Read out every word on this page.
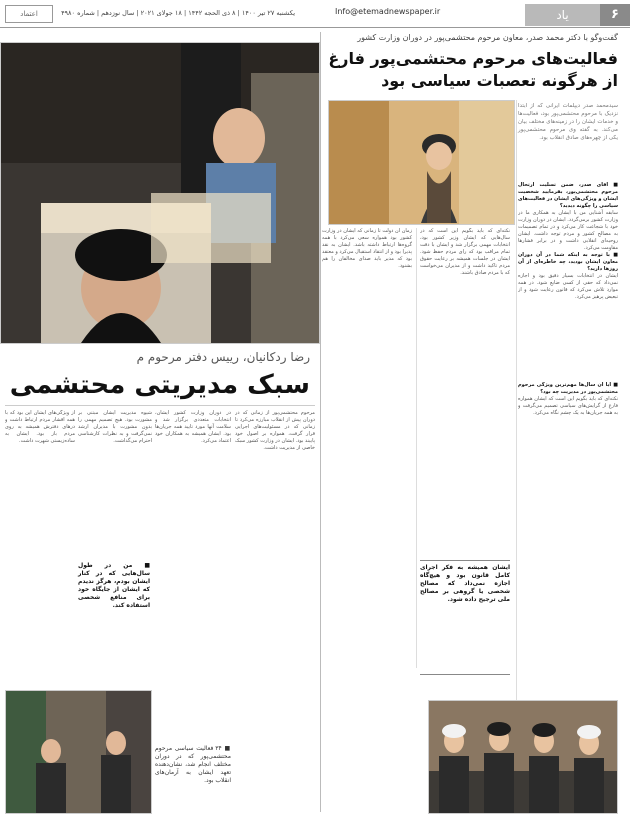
۶
یاد
Info@etemadnewspaper.ir
یکشنبه ۲۷ تیر ۱۴۰۰ | ۸ ذی الحجه ۱۴۴۲ | ۱۸ جولای ۲۰۲۱ | سال نوزدهم | شماره ۴۹۸۰
اعتماد
گفت‌وگو با دکتر محمد صدر، معاون مرحوم محتشمی‌پور در دوران وزارت کشور
فعالیت‌های مرحوم محتشمی‌پور فارغ از هرگونه تعصبات سیاسی بود
سیدمحمد صدر دیپلمات ایرانی که از ابتدا نزدیک با مرحوم محتشمی‌پور بود، فعالیت‌ها و خدمات ایشان را در زمینه‌های مختلف بیان می‌کند. به گفته وی مرحوم محتشمی‌پور یکی از چهره‌های صادق انقلاب بود.
■ آقای صدر، ضمن تسلیت ارتحال مرحوم محتشمی‌پور، بفرمایید شخصیت ایشان و ویژگی‌های ایشان در فعالیت‌های سیاسی را چگونه دیدید؟
سابقه آشنایی من با ایشان به همکاری ما در وزارت کشور برمی‌گردد. ایشان در دوران وزارت خود با شجاعت کار می‌کرد و در تمام تصمیمات به مصالح کشور و مردم توجه داشت. ایشان روحیه‌ای انقلابی داشت و در برابر فشارها مقاومت می‌کرد.
■ با توجه به اینکه شما در آن دوران معاون ایشان بودید، چه خاطره‌ای از آن روزها دارید؟
ایشان در انتخابات بسیار دقیق بود و اجازه نمی‌داد که حقی از کسی ضایع شود. در همه موارد تلاش می‌کرد که قانون رعایت شود و از تبعیض پرهیز می‌کرد.
■ آیا آن سال‌ها مهم‌ترین ویژگی مرحوم محتشمی‌پور در مدیریت چه بود؟
نکته‌ای که باید بگویم این است که ایشان همواره فارغ از گرایش‌های سیاسی تصمیم می‌گرفت و به همه جریان‌ها به یک چشم نگاه می‌کرد.
نکته‌ای که باید بگویم این است که در سال‌هایی که ایشان وزیر کشور بود، انتخابات مهمی برگزار شد و ایشان با دقت تمام مراقب بود که رای مردم حفظ شود. ایشان در جلسات همیشه بر رعایت حقوق مردم تاکید داشت و از مدیران می‌خواست که با مردم صادق باشند.
ایشان همیشه به فکر اجرای کامل قانون بود و هیچ‌گاه اجازه نمی‌داد که مصالح شخصی یا گروهی بر مصالح ملی ترجیح داده شود.
زمان آن دولت تا زمانی که ایشان در وزارت کشور بود همواره سعی می‌کرد با همه گروه‌ها ارتباط داشته باشد. ایشان به نقد پذیرا بود و از انتقاد استقبال می‌کرد و معتقد بود که مدیر باید صدای مخالفان را هم بشنود.
رضا ردکانیان، رییس دفتر مرحوم م
سبک مدیریتی محتشمی
مرحوم محتشمی‌پور از زمانی که در دوران پیش از انقلاب مبارزه می‌کرد تا زمانی که در مسئولیت‌های اجرایی قرار گرفت، همواره بر اصول خود پایبند بود. ایشان در وزارت کشور سبک خاصی از مدیریت داشت.
در دوران وزارت کشور ایشان، انتخابات متعددی برگزار شد و سلامت آنها مورد تایید همه جریان‌ها بود. ایشان همیشه به همکاران خود اعتماد می‌کرد.
شیوه مدیریت ایشان مبتنی بر مشورت بود. هیچ تصمیم مهمی را بدون مشورت با مدیران ارشد نمی‌گرفت و به نظرات کارشناسی احترام می‌گذاشت.
از ویژگی‌های ایشان این بود که با همه اقشار مردم ارتباط داشت و درهای دفترش همیشه به روی مردم باز بود. ایشان به ساده‌زیستی شهرت داشت.
■ من در طول سال‌هایی که در کنار ایشان بودم، هرگز ندیدم که ایشان از جایگاه خود برای منافع شخصی استفاده کند.
■ ۳۴ فعالیت سیاسی مرحوم محتشمی‌پور که در دوران مختلف انجام شد، نشان‌دهنده تعهد ایشان به آرمان‌های انقلاب بود.
